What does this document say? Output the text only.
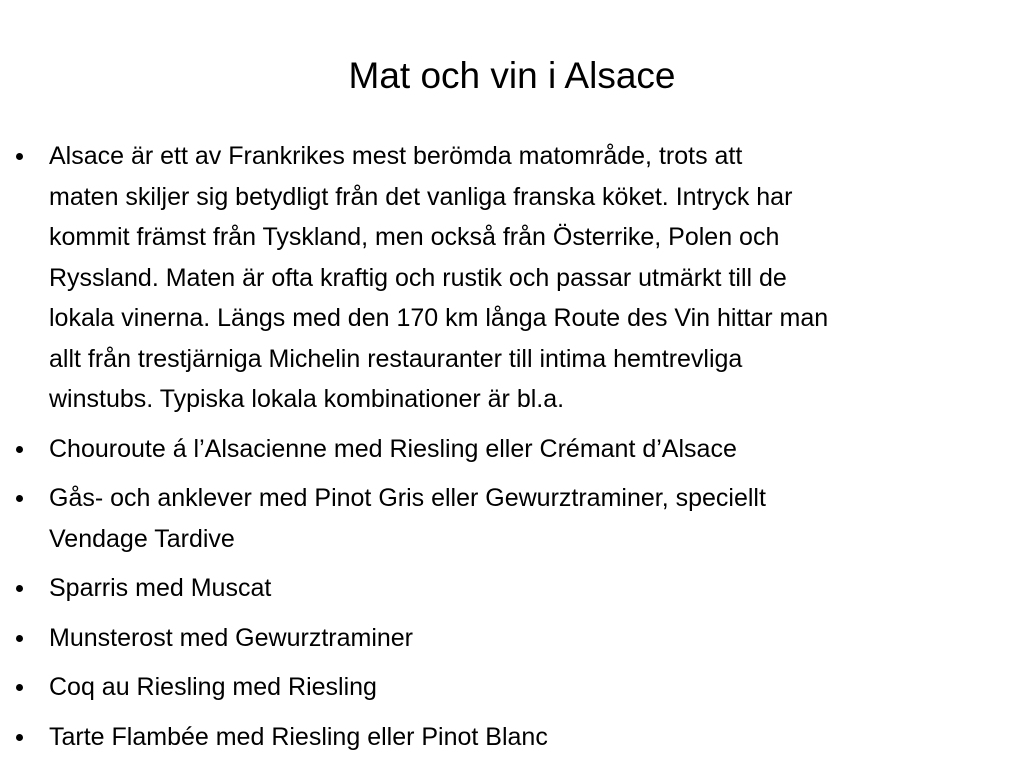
Mat och vin i Alsace
Alsace är ett av Frankrikes mest berömda matområde, trots att
maten skiljer sig betydligt från det vanliga franska köket. Intryck har
kommit främst från Tyskland, men också från Österrike, Polen och
Ryssland. Maten är ofta kraftig och rustik och passar utmärkt till de
lokala vinerna. Längs med den 170 km långa Route des Vin hittar man
allt från trestjärniga Michelin restauranter till intima hemtrevliga
winstubs. Typiska lokala kombinationer är bl.a.
Chouroute á l’Alsacienne med Riesling eller Crémant d’Alsace
Gås- och anklever med Pinot Gris eller Gewurztraminer, speciellt
Vendage Tardive
Sparris med Muscat
Munsterost med Gewurztraminer
Coq au Riesling med Riesling
Tarte Flambée med Riesling eller Pinot Blanc
